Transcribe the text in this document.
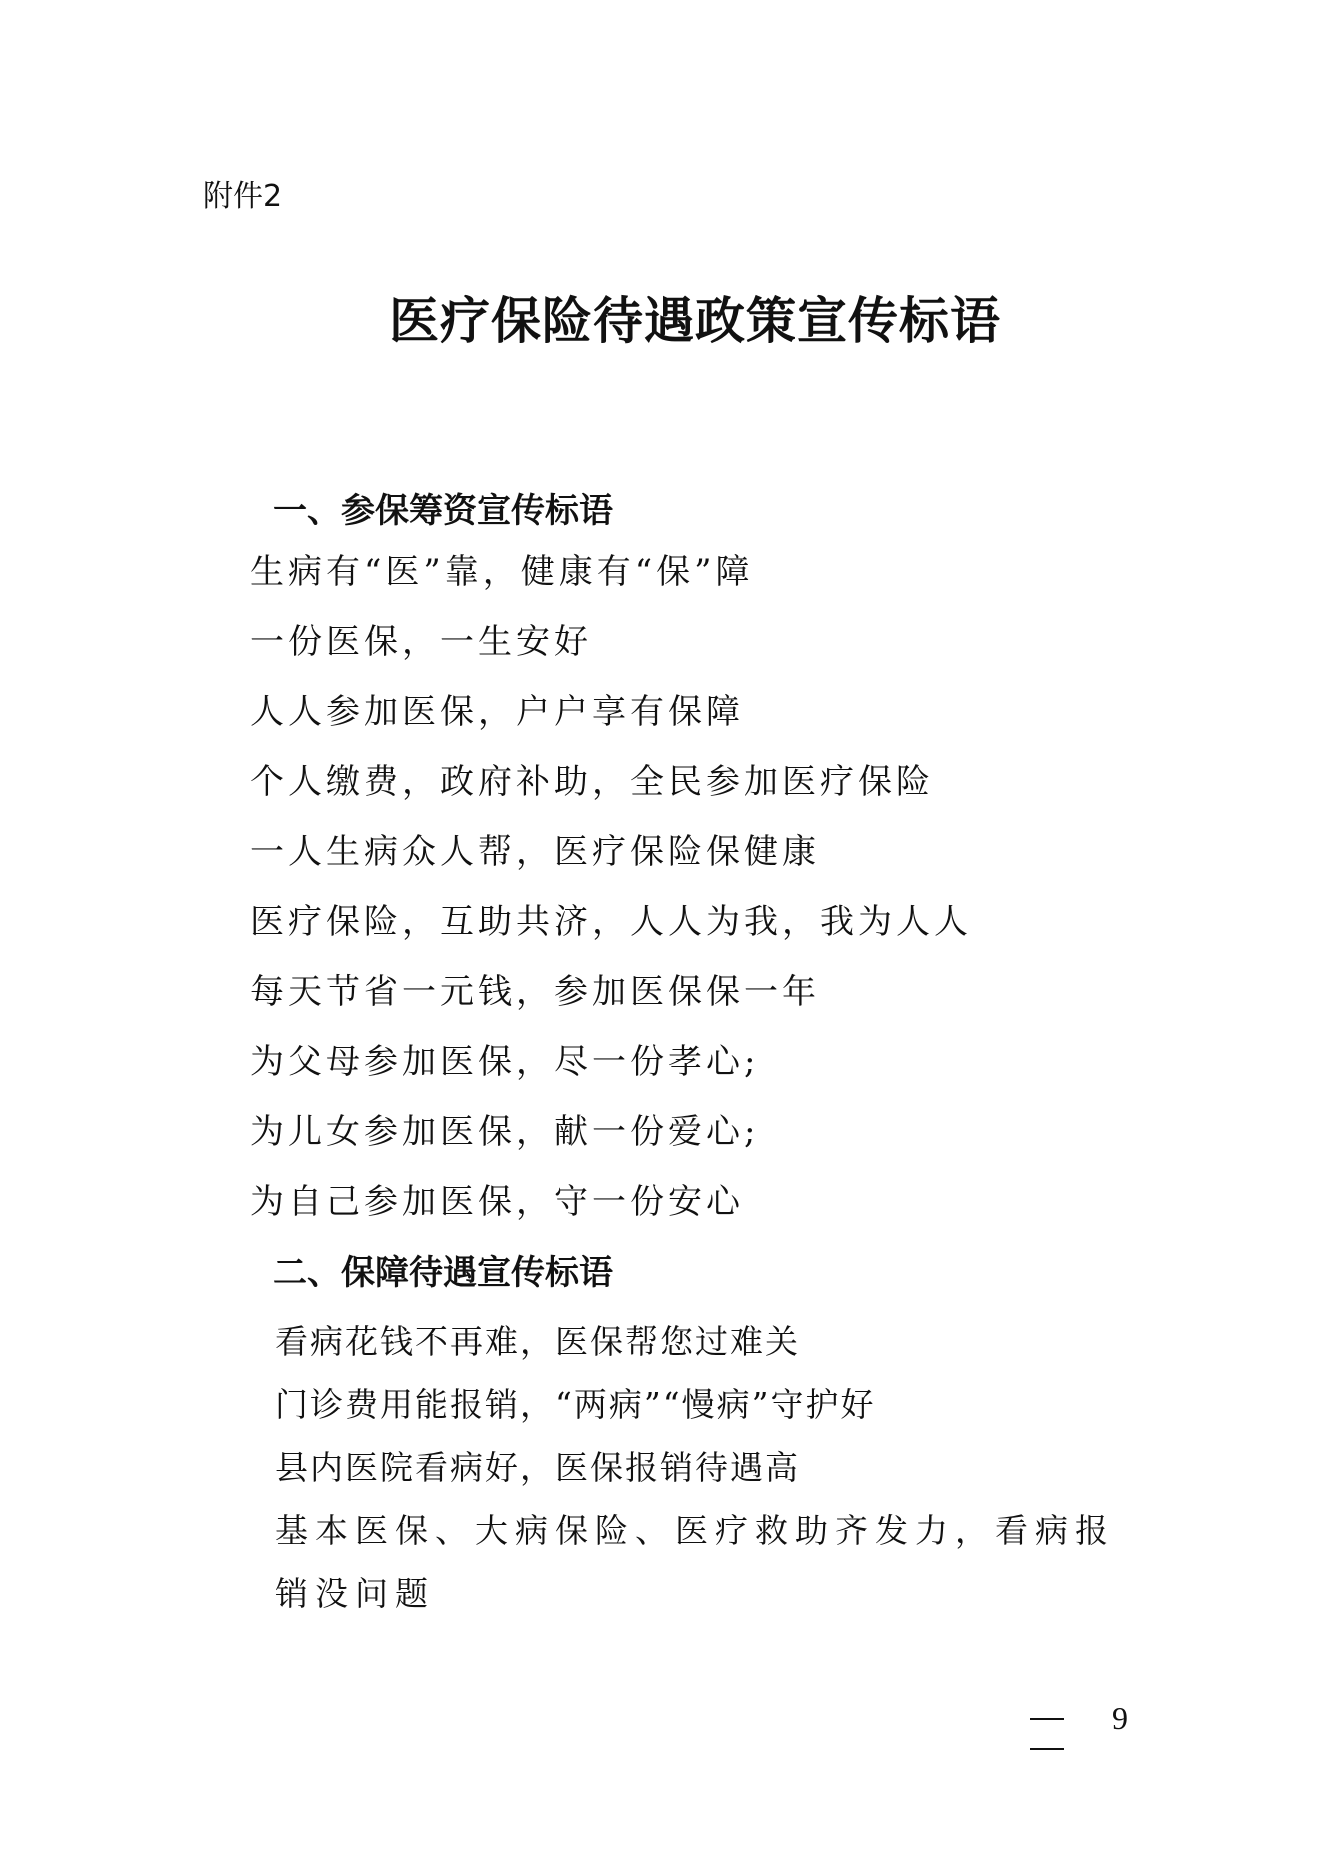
附件2

医疗保险待遇政策宣传标语
一、参保筹资宣传标语
生病有“医”靠，健康有“保”障
一份医保，一生安好
人人参加医保，户户享有保障
个人缴费，政府补助，全民参加医疗保险
一人生病众人帮，医疗保险保健康
医疗保险，互助共济，人人为我，我为人人
每天节省一元钱，参加医保保一年
为父母参加医保，尽一份孝心;
为儿女参加医保，献一份爱心;
为自己参加医保，守一份安心
二、保障待遇宣传标语
看病花钱不再难，医保帮您过难关
门诊费用能报销，“两病”“慢病”守护好
县内医院看病好，医保报销待遇高
基本医保、大病保险、医疗救助齐发力，看病报销没问题
9
